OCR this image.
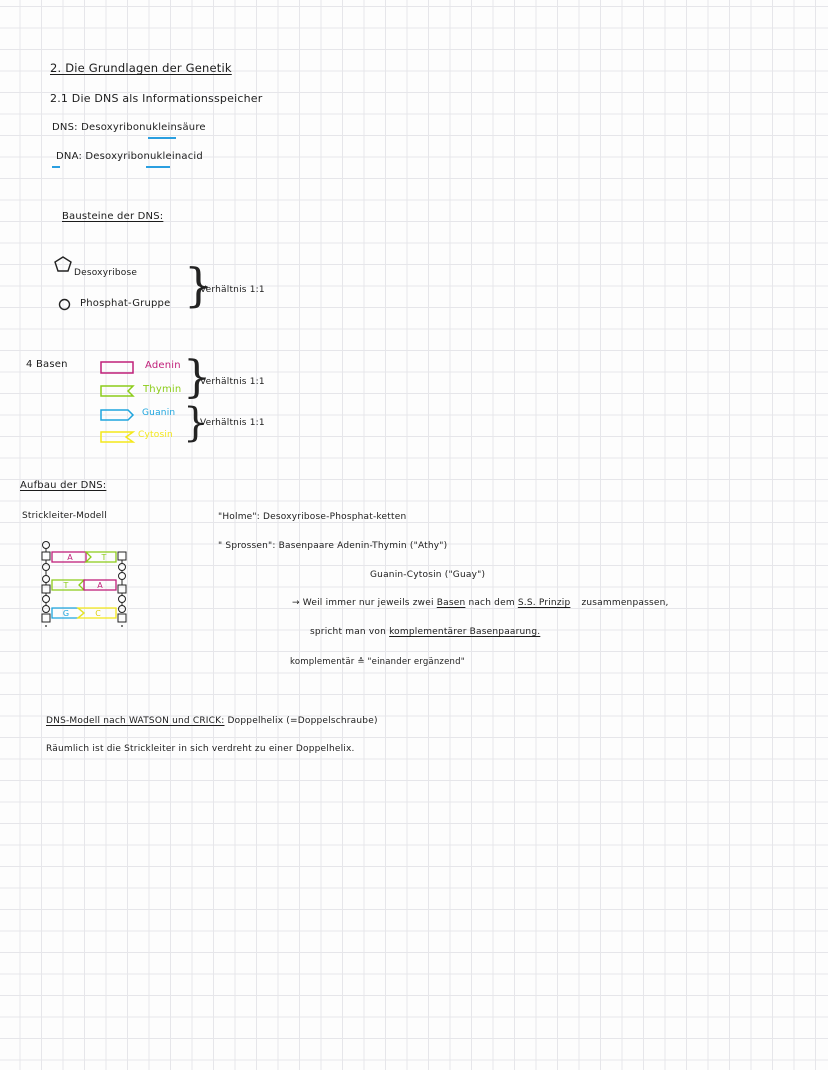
2. Die Grundlagen der Genetik
2.1 Die DNS als Informationsspeicher
DNS: Desoxyribonukleinsäure
DNA: Desoxyribonukleinacid
Bausteine der DNS:
Desoxyribose
Phosphat-Gruppe }
Verhältnis 1:1
4 Basen	Adenin
Thymin
Guanin
Cytosin
}
}
Verhältnis 1:1
Verhältnis 1:1
Aufbau der DNS:
Strickleiter-Modell
A	T
T	A
G	C
"Holme": Desoxyribose-Phosphat-ketten
" Sprossen": Basenpaare Adenin-Thymin ("Athy")
Guanin-Cytosin ("Guay")
→ Weil immer nur jeweils zwei Basen nach dem S.S. Prinzip zusammenpassen,
spricht man von komplementärer Basenpaarung.
komplementär ≙ "einander ergänzend"
DNS-Modell nach WATSON und CRICK: Doppelhelix (=Doppelschraube)
Räumlich ist die Strickleiter in sich verdreht zu einer Doppelhelix.
